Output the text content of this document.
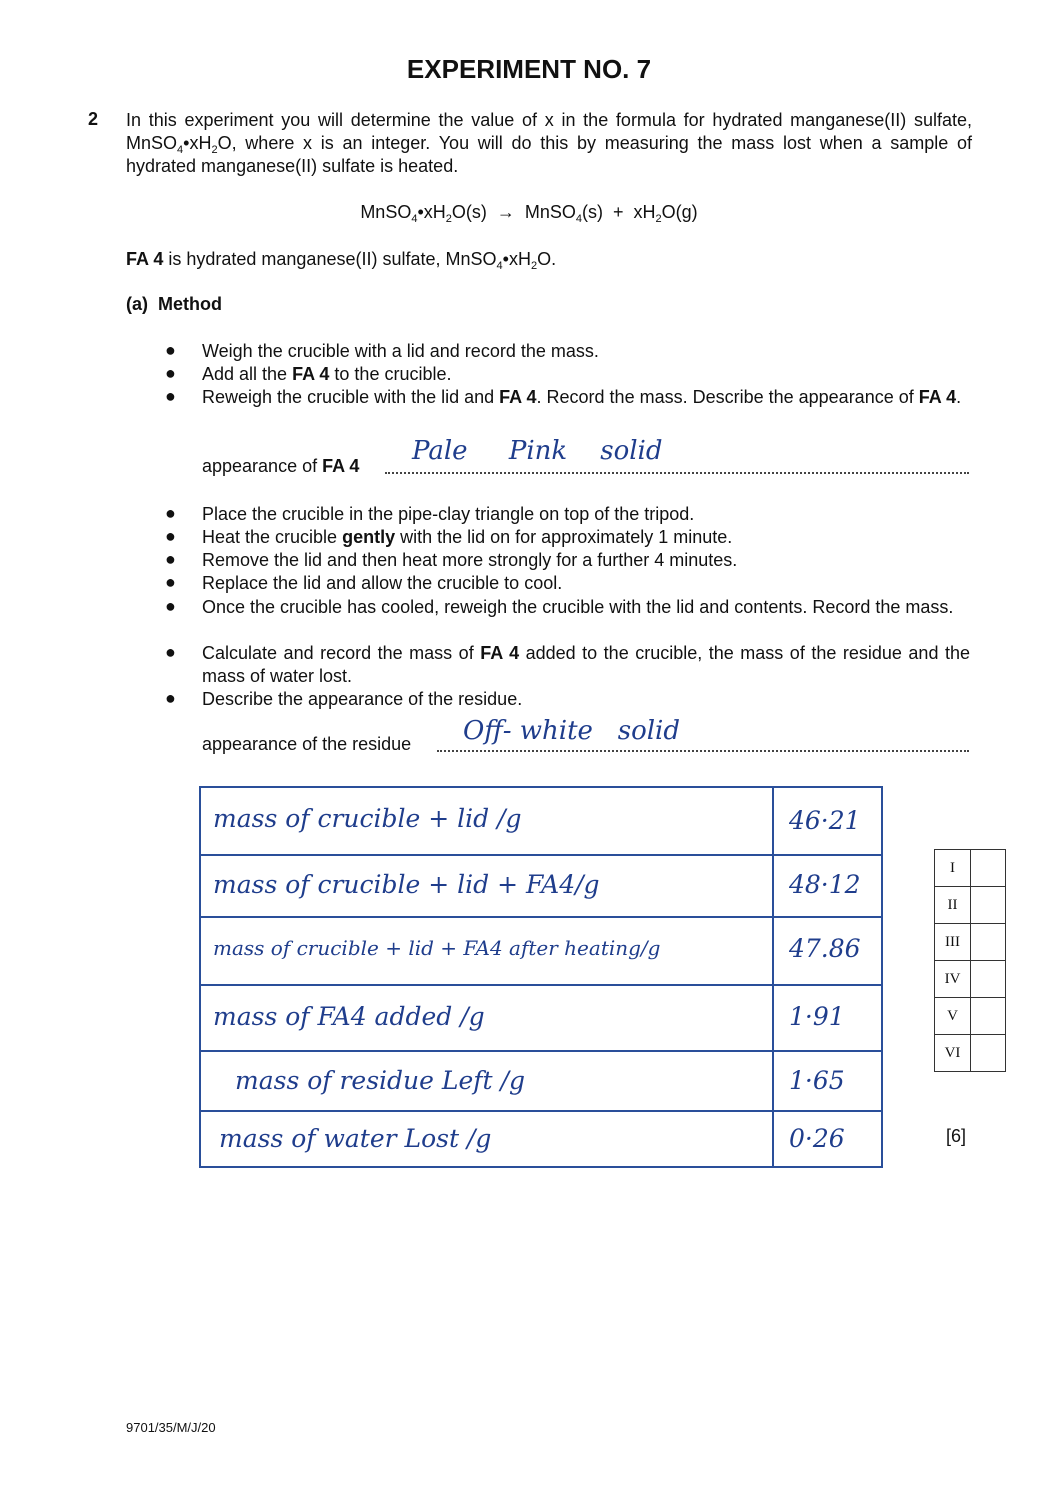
EXPERIMENT NO. 7
2 In this experiment you will determine the value of x in the formula for hydrated manganese(II) sulfate,
$MnSO_4•xH_2O$, where x is an integer. You will do this by measuring the mass lost when a sample of
hydrated manganese(II) sulfate is heated.
$MnSO_4•xH_2O(s)$  →  MnSO$_4$(s)  +  $xH_2O(g)$
FA 4 is hydrated manganese(II) sulfate, $MnSO_4•xH_2O$.
(a) Method
● Weigh the crucible with a lid and record the mass.
● Add all the FA 4 to the crucible.
● Reweigh the crucible with the lid and FA 4. Record the mass. Describe the appearance of FA 4.
appearance of FA 4 Pale     Pink    solid
● Place the crucible in the pipe-clay triangle on top of the tripod.
● Heat the crucible gently with the lid on for approximately 1 minute.
● Remove the lid and then heat more strongly for a further 4 minutes.
● Replace the lid and allow the crucible to cool.
● Once the crucible has cooled, reweigh the crucible with the lid and contents. Record the mass.
● Calculate and record the mass of FA 4 added to the crucible, the mass of the residue and the mass of water lost.
● Describe the appearance of the residue.
appearance of the residue Off- white   solid
mass of crucible + lid /g	46·21
mass of crucible + lid + FA4/g	48·12
mass of crucible + lid + FA4 after heating/g	47.86
mass of FA4 added /g	1·91
mass of residue Left /g	1·65
mass of water Lost /g	0·26
I	
II	
III	
IV	
V	
VI	
[6]
9701/35/M/J/20
